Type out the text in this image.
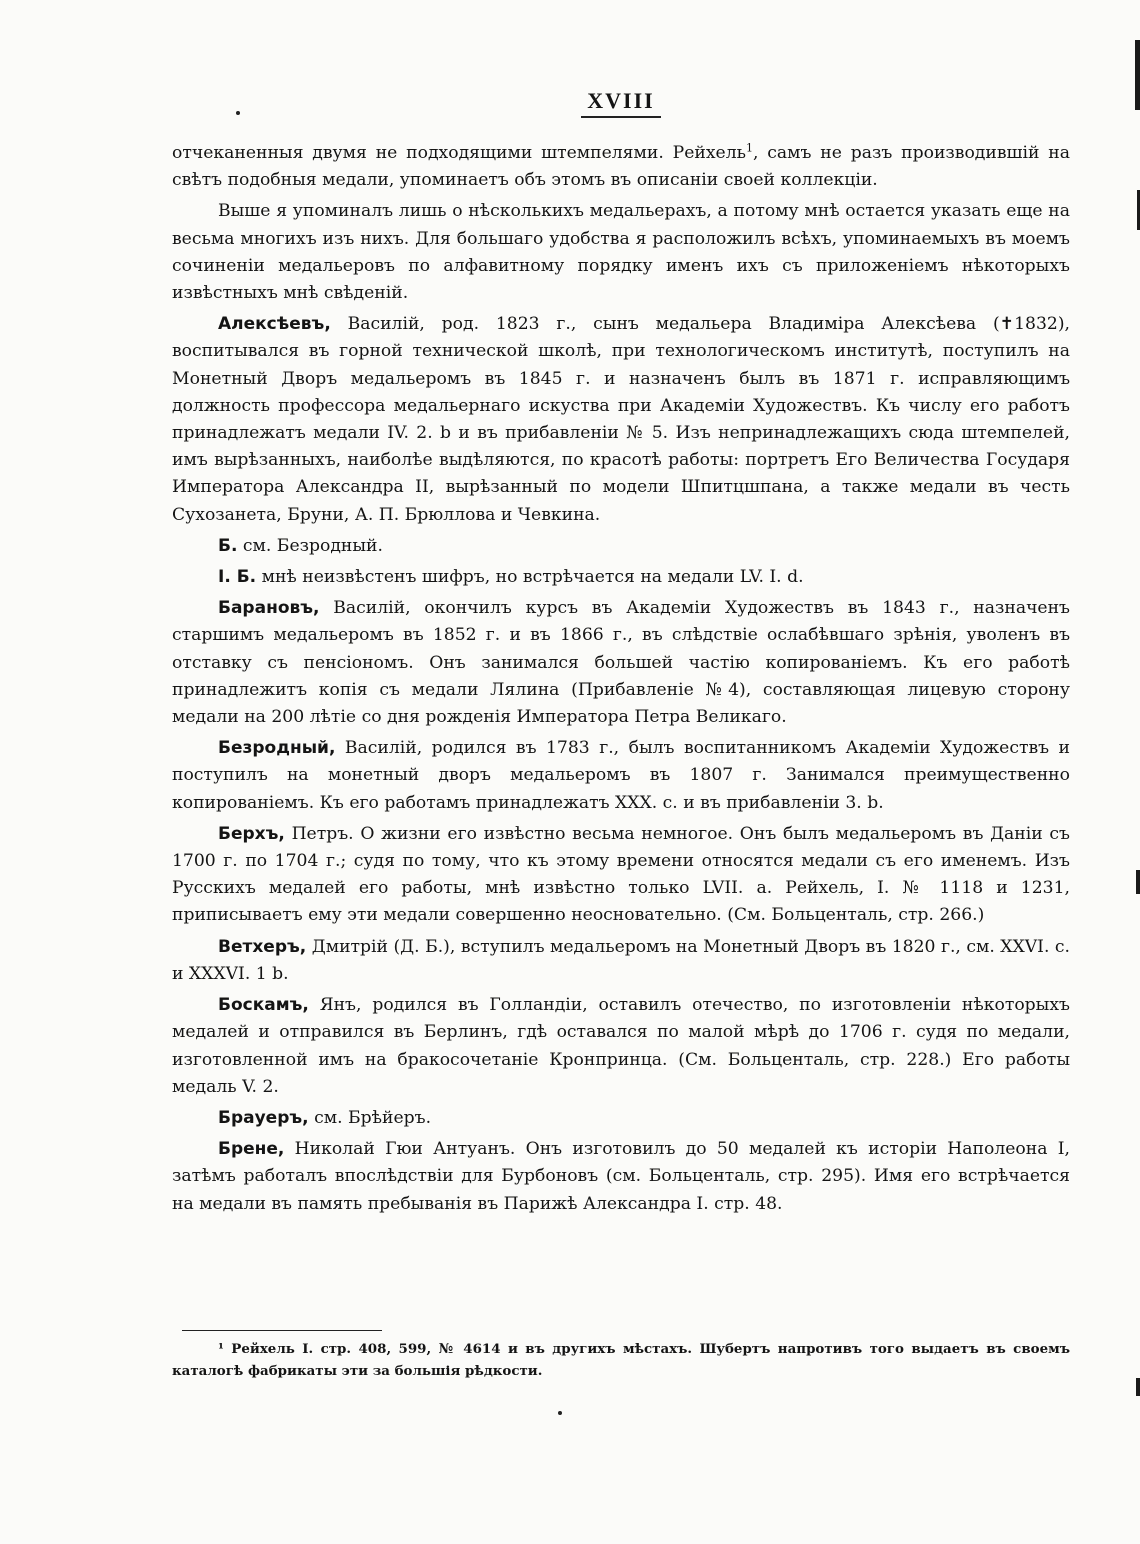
XVIII

отчеканенныя двумя не подходящими штемпелями. Рейхель$^1$, самъ не разъ производившій на свѣтъ подобныя медали, упоминаетъ объ этомъ въ описаніи своей коллекціи.

Выше я упоминалъ лишь о нѣсколькихъ медальерахъ, а потому мнѣ остается указать еще на весьма многихъ изъ нихъ. Для большаго удобства я расположилъ всѣхъ, упоминаемыхъ въ моемъ сочиненіи медальеровъ по алфавитному порядку именъ ихъ съ приложеніемъ нѣкоторыхъ извѣстныхъ мнѣ свѣденій.

Алексѣевъ, Василій, род. 1823 г., сынъ медальера Владиміра Алексѣева (✝1832), воспитывался въ горной технической школѣ, при технологическомъ институтѣ, поступилъ на Монетный Дворъ медальеромъ въ 1845 г. и назначенъ былъ въ 1871 г. исправляющимъ должность профессора медальернаго искуства при Академіи Художествъ. Къ числу его работъ принадлежатъ медали IV. 2. b и въ прибавленіи № 5. Изъ непринадлежащихъ сюда штемпелей, имъ вырѣзанныхъ, наиболѣе выдѣляются, по красотѣ работы: портретъ Его Величества Государя Императора Александра II, вырѣзанный по модели Шпитцшпана, а также медали въ честь Сухозанета, Бруни, А. П. Брюллова и Чевкина.

Б. см. Безродный.

I. Б. мнѣ неизвѣстенъ шифръ, но встрѣчается на медали LV. I. d.

Барановъ, Василій, окончилъ курсъ въ Академіи Художествъ въ 1843 г., назначенъ старшимъ медальеромъ въ 1852 г. и въ 1866 г., въ слѣдствіе ослабѣвшаго зрѣнія, уволенъ въ отставку съ пенсіономъ. Онъ занимался большей частію копированіемъ. Къ его работѣ принадлежитъ копія съ медали Лялина (Прибавленіе №4), составляющая лицевую сторону медали на 200 лѣтіе со дня рожденія Императора Петра Великаго.

Безродный, Василій, родился въ 1783 г., былъ воспитанникомъ Академіи Художествъ и поступилъ на монетный дворъ медальеромъ въ 1807 г. Занимался преимущественно копированіемъ. Къ его работамъ принадлежатъ XXX. c. и въ прибавленіи 3. b.

Берхъ, Петръ. О жизни его извѣстно весьма немногое. Онъ былъ медальеромъ въ Даніи съ 1700 г. по 1704 г.; судя по тому, что къ этому времени относятся медали съ его именемъ. Изъ Русскихъ медалей его работы, мнѣ извѣстно только LVII. a. Рейхель, I. № 1118 и 1231, приписываетъ ему эти медали совершенно неосновательно. (См. Больценталь, стр. 266.)

Ветхеръ, Дмитрій (Д. Б.), вступилъ медальеромъ на Монетный Дворъ въ 1820 г., см. XXVI. c. и XXXVI. 1 b.

Боскамъ, Янъ, родился въ Голландіи, оставилъ отечество, по изготовленіи нѣкоторыхъ медалей и отправился въ Берлинъ, гдѣ оставался по малой мѣрѣ до 1706 г. судя по медали, изготовленной имъ на бракосочетаніе Кронпринца. (См. Больценталь, стр. 228.) Его работы медаль V. 2.

Брауеръ, см. Брѣйеръ.

Брене, Николай Гюи Антуанъ. Онъ изготовилъ до 50 медалей къ исторіи Наполеона I, затѣмъ работалъ впослѣдствіи для Бурбоновъ (см. Больценталь, стр. 295). Имя его встрѣчается на медали въ память пребыванія въ Парижѣ Александра I. стр. 48.

¹ Рейхель I. стр. 408, 599, № 4614 и въ другихъ мѣстахъ. Шубертъ напротивъ того выдаетъ въ своемъ каталогѣ фабрикаты эти за большія рѣдкости.
